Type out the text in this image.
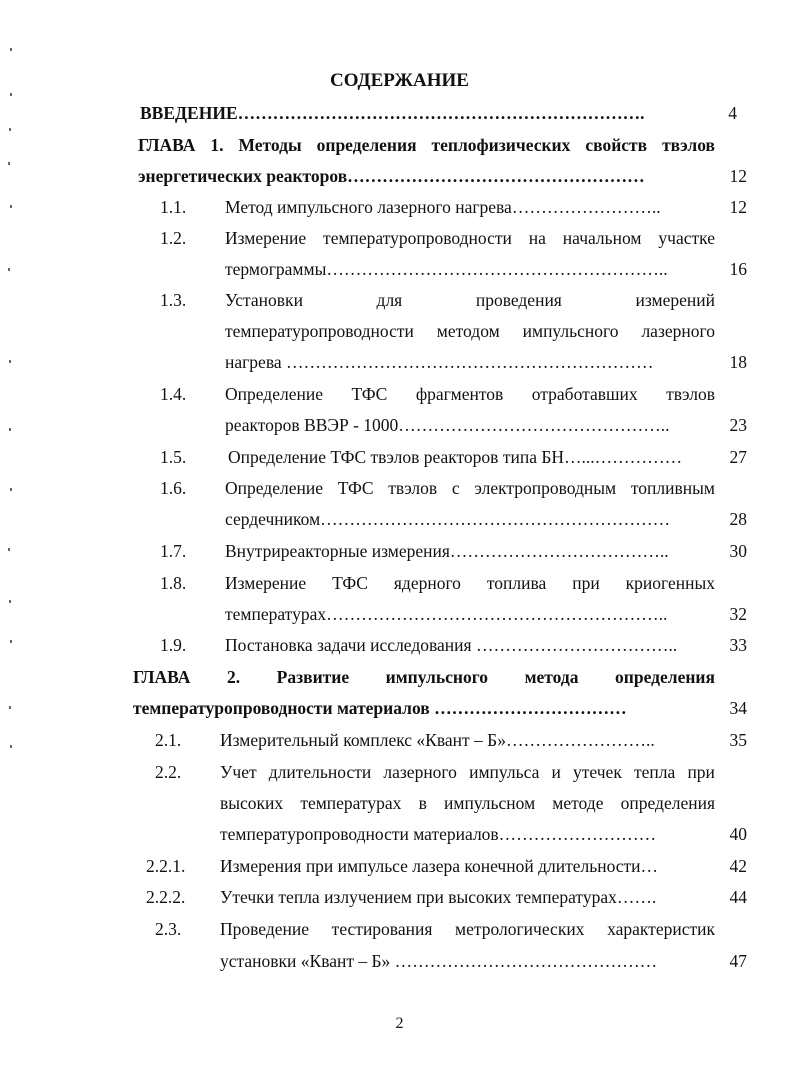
СОДЕРЖАНИЕ
ВВЕДЕНИЕ…………………………………………………………….	4
ГЛАВА 1. Методы определения теплофизических свойств твэлов
энергетических реакторов……………………………………………	12
1.1. Метод импульсного лазерного нагрева……………………..	12
1.2. Измерение температуропроводности на начальном участке
термограммы…………………………………………………..	16
1.3. Установки	для	проведения	измерений
температуропроводности методом импульсного лазерного
нагрева ………………………………………………………	18
1.4. Определение ТФС фрагментов отработавших твэлов
реакторов ВВЭР - 1000………………………………………..	23
1.5. Определение ТФС твэлов реакторов типа БН…...……………	27
1.6. Определение ТФС твэлов с электропроводным топливным
сердечником……………………………………………………	28
1.7. Внутриреакторные измерения………………………………..	30
1.8. Измерение ТФС ядерного топлива при криогенных
температурах…………………………………………………..	32
1.9. Постановка задачи исследования ……………………………..	33
ГЛАВА 2. Развитие импульсного метода определения
температуропроводности материалов ……………………………	34
2.1. Измерительный комплекс «Квант – Б»……………………..	35
2.2. Учет длительности лазерного импульса и утечек тепла при
высоких температурах в импульсном методе определения
температуропроводности материалов………………………	40
2.2.1. Измерения при импульсе лазера конечной длительности…	42
2.2.2. Утечки тепла излучением при высоких температурах…….	44
2.3. Проведение тестирования метрологических характеристик
установки «Квант – Б» ………………………………………	47
2
